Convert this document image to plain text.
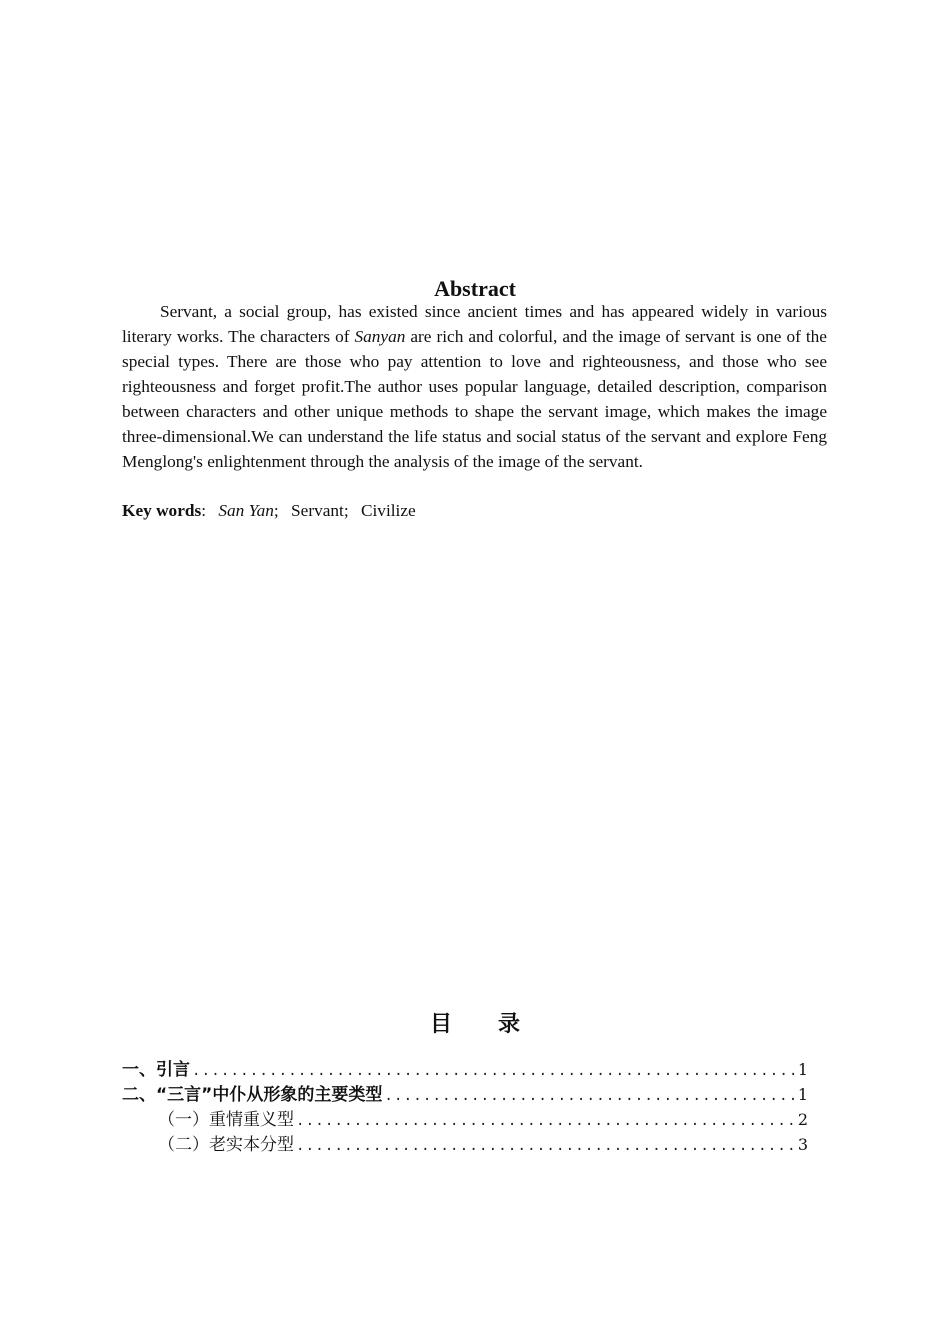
Abstract

Servant, a social group, has existed since ancient times and has appeared widely in various literary works. The characters of Sanyan are rich and colorful, and the image of servant is one of the special types. There are those who pay attention to love and righteousness, and those who see righteousness and forget profit.The author uses popular language, detailed description, comparison between characters and other unique methods to shape the servant image, which makes the image three-dimensional.We can understand the life status and social status of the servant and explore Feng Menglong's enlightenment through the analysis of the image of the servant.

Key words: San Yan; Servant; Civilize

目录
一、引言 .....	1
二、“三言”中仆从形象的主要类型 .....	1
（一）重情重义型 .....	2
（二）老实本分型 .....	3
